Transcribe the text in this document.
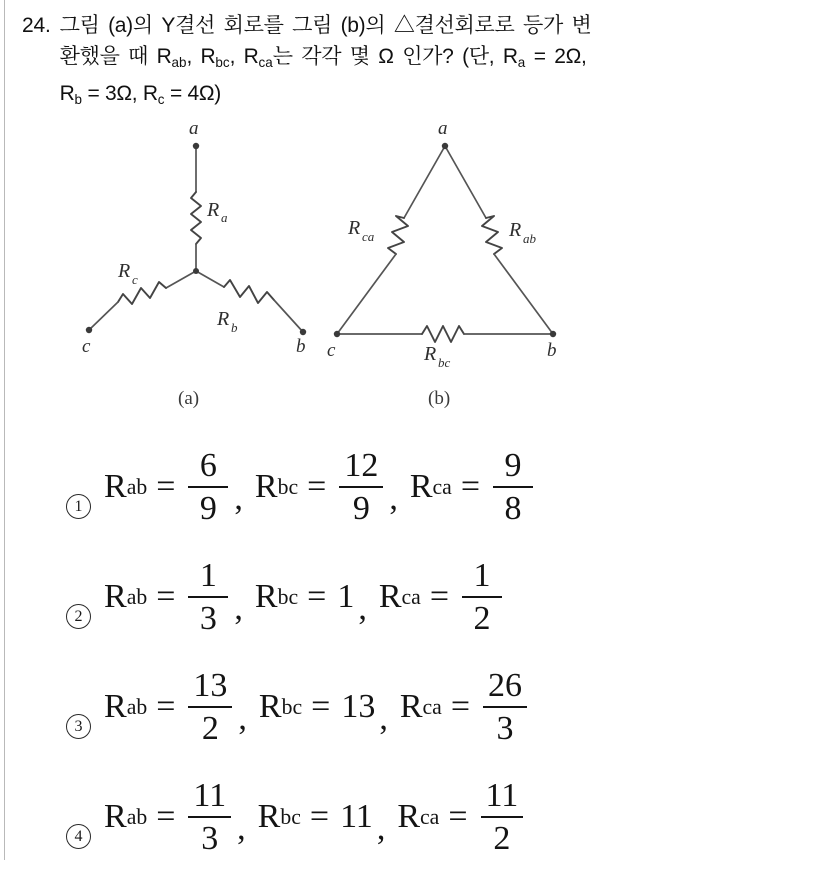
24. 그림 (a)의 Y결선 회로를 그림 (b)의 △결선회로로 등가 변
환했을 때 $R_{ab}$, $R_{bc}$, $R_{ca}$는 각각 몇 Ω 인가? (단, $R_a = 2\Omega$,
$R_b = 3\Omega$, $R_c = 4\Omega$)
a
R a
c
R c
b
R b
R ca	R ab
R bc
a
c	b
(a)	(b)
1
R ab = $\frac{6}{9}$ , R bc = $\frac{12}{9}$ , R ca = $\frac{9}{8}$
2
R ab = $\frac{1}{3}$ , R bc = 1 , R ca = $\frac{1}{2}$
3
R ab = $\frac{13}{2}$ , R bc = 13 , R ca = $\frac{26}{3}$
4
R ab = $\frac{11}{3}$ , R bc = 11 , R ca = $\frac{11}{2}$
